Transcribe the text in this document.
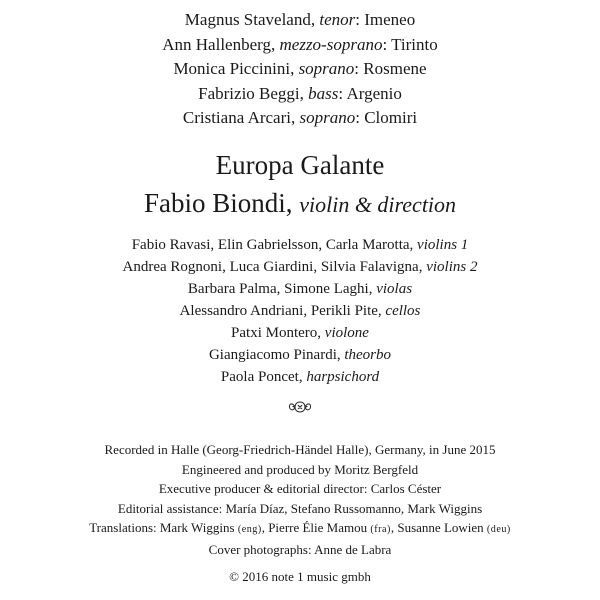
Magnus Staveland, tenor: Imeneo
Ann Hallenberg, mezzo-soprano: Tirinto
Monica Piccinini, soprano: Rosmene
Fabrizio Beggi, bass: Argenio
Cristiana Arcari, soprano: Clomiri
Europa Galante
Fabio Biondi, violin & direction
Fabio Ravasi, Elin Gabrielsson, Carla Marotta, violins 1
Andrea Rognoni, Luca Giardini, Silvia Falavigna, violins 2
Barbara Palma, Simone Laghi, violas
Alessandro Andriani, Perikli Pite, cellos
Patxi Montero, violone
Giangiacomo Pinardi, theorbo
Paola Poncet, harpsichord
Recorded in Halle (Georg-Friedrich-Händel Halle), Germany, in June 2015
Engineered and produced by Moritz Bergfeld
Executive producer & editorial director: Carlos Céster
Editorial assistance: María Díaz, Stefano Russomanno, Mark Wiggins
Translations: Mark Wiggins (eng), Pierre Élie Mamou (fra), Susanne Lowien (deu)
Cover photographs: Anne de Labra
© 2016 note 1 music gmbh
